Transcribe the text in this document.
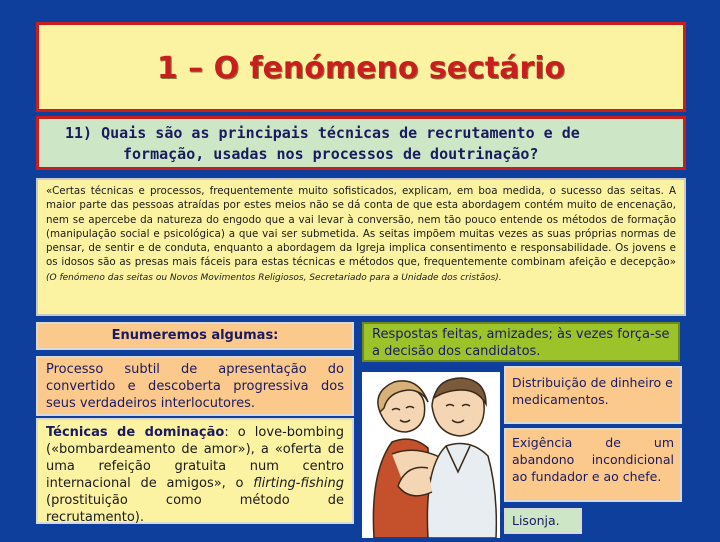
1 – O fenómeno sectário
11) Quais são as principais técnicas de recrutamento e de
formação, usadas nos processos de doutrinação?
«Certas técnicas e processos, frequentemente muito sofisticados, explicam, em boa medida, o sucesso das seitas. A maior parte das pessoas atraídas por estes meios não se dá conta de que esta abordagem contém muito de encenação, nem se apercebe da natureza do engodo que a vai levar à conversão, nem tão pouco entende os métodos de formação (manipulação social e psicológica) a que vai ser submetida. As seitas impõem muitas vezes as suas próprias normas de pensar, de sentir e de conduta, enquanto a abordagem da Igreja implica consentimento e responsabilidade. Os jovens e os idosos são as presas mais fáceis para estas técnicas e métodos que, frequentemente combinam afeição e decepção» (O fenómeno das seitas ou Novos Movimentos Religiosos, Secretariado para a Unidade dos cristãos).
Enumeremos algumas:
Processo subtil de apresentação do convertido e descoberta progressiva dos seus verdadeiros interlocutores.
Técnicas de dominação: o love-bombing («bombardeamento de amor»), a «oferta de uma refeição gratuita num centro internacional de amigos», o flirting-fishing (prostituição como método de recrutamento).
Respostas feitas, amizades; às vezes força-se a decisão dos candidatos.
Distribuição de dinheiro e medicamentos.
Exigência de um abandono incondicional ao fundador e ao chefe.
Lisonja.
